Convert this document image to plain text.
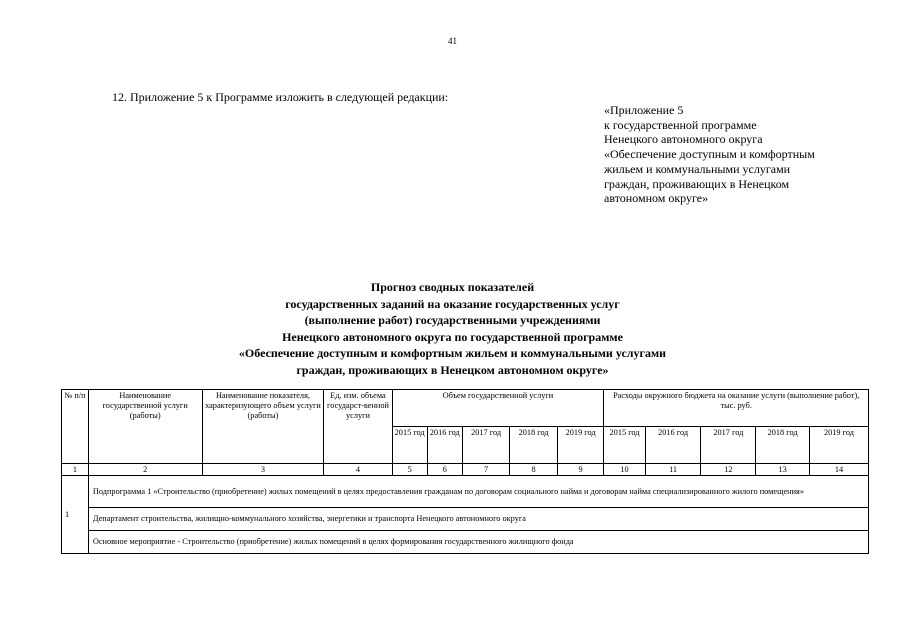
41
12. Приложение 5 к Программе изложить в следующей редакции:
«Приложение 5
к государственной программе
Ненецкого автономного округа
«Обеспечение доступным и комфортным
жильем и коммунальными услугами
граждан, проживающих в Ненецком
автономном округе»
Прогноз сводных показателей
государственных заданий на оказание государственных услуг
(выполнение работ) государственными учреждениями
Ненецкого автономного округа по государственной программе
«Обеспечение доступным и комфортным жильем и коммунальными услугами
граждан, проживающих в Ненецком автономном округе»
№ п/п	Наименование государственной услуги (работы)	Наименование показателя, характеризующего объем услуги (работы)	Ед. изм. объема государст-венной услуги	Объем государственной услуги					Расходы окружного бюджета на оказание услуги (выполнение работ), тыс. руб.				
				2015 год	2016 год	2017 год	2018 год	2019 год	2015 год	2016 год	2017 год	2018 год	2019 год
1	2	3	4	5	6	7	8	9	10	11	12	13	14
1	Подпрограмма 1 «Строительство (приобретение) жилых помещений в целях предоставления гражданам по договорам социального найма и договорам найма специализированного жилого помещения»												
	Департамент строительства, жилищно-коммунального хозяйства, энергетики и транспорта Ненецкого автономного округа												
	Основное мероприятие - Строительство (приобретение) жилых помещений в целях формирования государственного жилищного фонда												
